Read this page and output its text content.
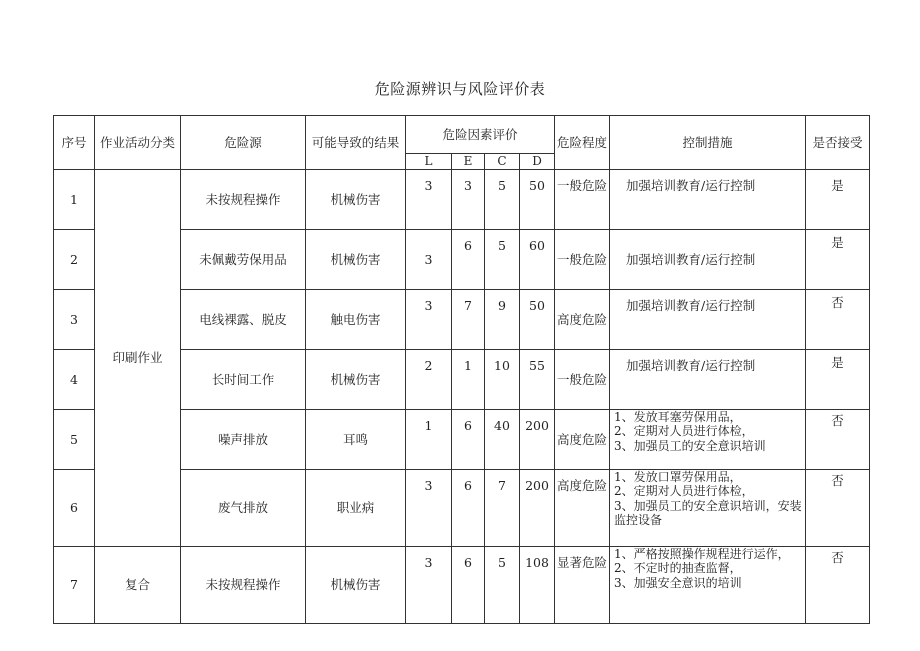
危险源辨识与风险评价表
序号	作业活动分类	危险源	可能导致的结果	危险因素评价				危险程度	控制措施	是否接受
				L	E	C	D			
1	印刷作业	未按规程操作	机械伤害	3	3	5	50	一般危险	加强培训教育/运行控制	是
2		未佩戴劳保用品	机械伤害	3	6	5	60	一般危险	加强培训教育/运行控制	是
3		电线裸露、脱皮	触电伤害	3	7	9	50	高度危险	加强培训教育/运行控制	否
4		长时间工作	机械伤害	2	1	10	55	一般危险	加强培训教育/运行控制	是
5		噪声排放	耳鸣	1	6	40	200	高度危险	1、发放耳塞劳保用品，
2、定期对人员进行体检，
3、加强员工的安全意识培训	否
6		废气排放	职业病	3	6	7	200	高度危险	1、发放口罩劳保用品，
2、定期对人员进行体检，
3、加强员工的安全意识培训，安装监控设备	否
7	复合	未按规程操作	机械伤害	3	6	5	108	显著危险	1、严格按照操作规程进行运作，
2、不定时的抽查监督，
3、加强安全意识的培训	否
